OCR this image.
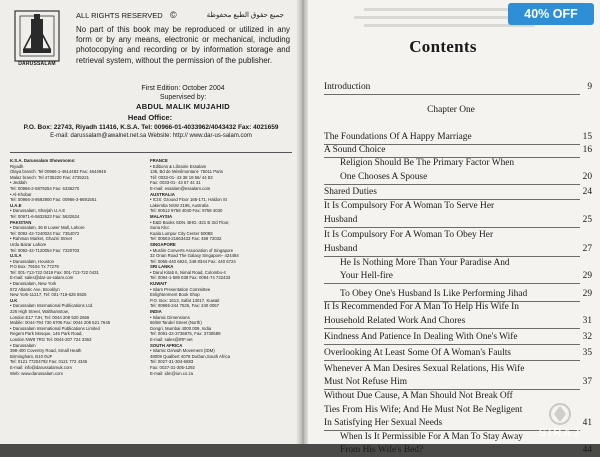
DARUSSALAM
ALL RIGHTS RESERVED ©	جميع حقوق الطبع محفوظة
No part of this book may be reproduced or utilized in any form or by any means, electronic or mechanical, including photocopying and recording or by information storage and retrieval system, without the permission of the publisher.
First Edition: October 2004
Supervised by:
ABDUL MALIK MUJAHID
Head Office:
P.O. Box: 22743, Riyadh 11416, K.S.A. Tel: 00966-01-4033962/4043432 Fax: 4021659
E-mail: darussalam@awalnet.net.sa Website: http:// www.dar-us-salam.com
K.S.A. Darussalam Showrooms:
Riyadh
Olaya branch: Tel 00966-1-4614483 Fax: 4644945
Malaz branch: Tel 4735220 Fax: 4735221
• Jeddah
Tel: 00966-2-6879254 Fax: 6336270
• Al-Khobar
Tel: 00966-3-8692900 Fax: 00966-3-8691551
U.A.E
• Darussalam, Sharjah U.A.E
Tel: 00971-6-5632623 Fax: 5632624
PAKISTAN
• Darussalam, 36 B Lower Mall, Lahore
Tel: 0092-42-7240024 Fax: 7354072
• Rahman Market, Ghazni Street
Urdu Bazar Lahore
Tel: 0092-42-7120054 Fax: 7320703
U.S.A
• Darussalam, Houston
P.O Box: 79194 Tx 77279
Tel: 001-713-722 0419 Fax: 001-713-722 0431
E-mail: sales@dar-us-salam.com
• Darussalam, New York
572 Atlantic Ave, Brooklyn
New York-11217, Tel: 001-718-625 5925
U.K
• Darussalam International Publications Ltd.
226 High Street, Walthamstow,
London E17 7JH, Tel: 0044 208 520 2666
Mobile: 0044-794 730 6706 Fax: 0044 208 521 7645
• Darussalam International Publications Limited
Regent Park Mosque, 146 Park Road,
London NW8 7RG Tel: 0044-207 724 3363
• Darussalam
398-400 Coventry Road, Small Heath
Birmingham, B10 0UF
Tel: 0121 77204792 Fax: 0121 772 4345
E-mail: info@darussalamuk.com
Web: www.darussalam.com
FRANCE
• Editions & Librairie Essalam
135, Bd de Ménilmontant- 75011 Paris
Tél: 0033-01- 43 38 19 56/ 44 83
Fax: 0033-01- 43 57 44 31
E-mail: essalam@essalam.com
AUSTRALIA
• ICIS: Ground Floor 165-171, Haldon St
Lakemba NSW 2195, Australia
Tel: 00612 9758 4040 Fax: 9758 4030
MALAYSIA
• E&D Books SDN. BHD.-321 B 3rd Floor,
Suria Klcc
Kuala Lumpur City Center 50088
Tel: 00603-21663433 Fax: 459 72032
SINGAPORE
• Muslim Converts Association of Singapore
32 Onan Road The Galaxy Singapore- 424484
Tel: 0065-440 6924, 348 8344 Fax: 440 6724
SRI LANKA
• Darul Kitab 6, Nimal Road, Colombo-4
Tel: 0094-1-589 038 Fax: 0094-74 722433
KUWAIT
• Islam Presentation Committee
Enlightenment Book Shop
P.O. Box: 1613, Safat 13017, Kuwait
Tel: 00965-244 7526, Fax: 240 0057
INDIA
• Islamic Dimensions
56/58 Tandel Street (North)
Dongri, Mumbai 4000 009, India
Tel: 0091-22-3736875, Fax: 3730689
E-mail: sales@IRF.net
SOUTH AFRICA
• Islamic Da'wah Movement (IDM)
48009 Qualbert 4078 Durban,South Africa
Tel: 0027-31-304-6883
Fax: 0027-31-305-1292
E-mail: idm@ion.co.za
Contents
Introduction	9
Chapter One
The Foundations Of A Happy Marriage	15
A Sound Choice	16
Religion Should Be The Primary Factor When
One Chooses A Spouse	20
Shared Duties	24
It Is Compulsory For A Woman To Serve Her
Husband	25
It Is Compulsory For A Woman To Obey Her
Husband	27
He Is Nothing More Than Your Paradise And
Your Hell-fire	29
To Obey One's Husband Is Like Performing Jihad	29
It Is Recommended For A Man To Help His Wife In
Household Related Work And Chores	31
Kindness And Patience In Dealing With One's Wife	32
Overlooking At Least Some Of A Woman's Faults	35
Whenever A Man Desires Sexual Relations, His Wife
Must Not Refuse Him	37
Without Due Cause, A Man Should Not Break Off
Ties From His Wife; And He Must Not Be Negligent
In Satisfying Her Sexual Needs	41
When Is It Permissible For A Man To Stay Away
From His Wife's Bed?	44
SIRAJ
40% OFF
